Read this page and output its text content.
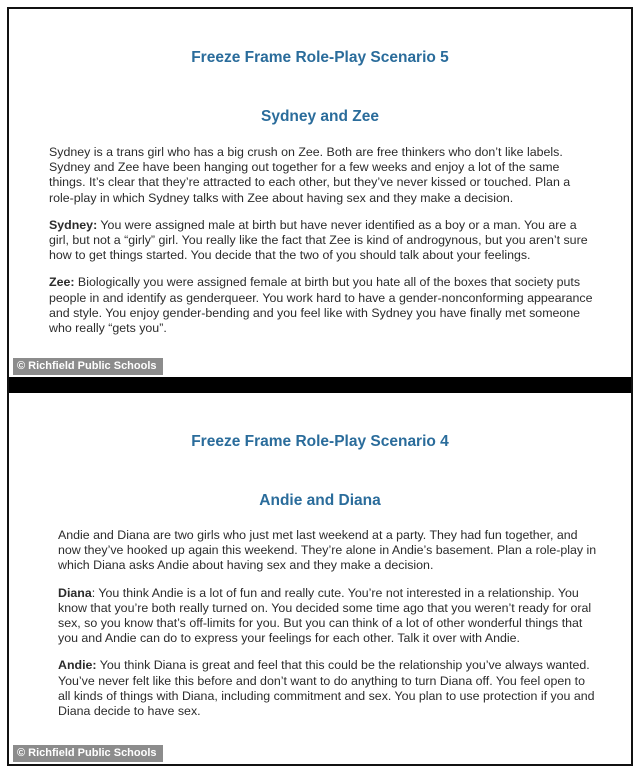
Freeze Frame Role-Play Scenario 5
Sydney and Zee

Sydney is a trans girl who has a big crush on Zee. Both are free thinkers who don’t like labels. Sydney and Zee have been hanging out together for a few weeks and enjoy a lot of the same things. It’s clear that they’re attracted to each other, but they’ve never kissed or touched. Plan a role-play in which Sydney talks with Zee about having sex and they make a decision.

Sydney: You were assigned male at birth but have never identified as a boy or a man. You are a girl, but not a “girly” girl. You really like the fact that Zee is kind of androgynous, but you aren’t sure how to get things started. You decide that the two of you should talk about your feelings.

Zee: Biologically you were assigned female at birth but you hate all of the boxes that society puts people in and identify as genderqueer. You work hard to have a gender-nonconforming appearance and style. You enjoy gender-bending and you feel like with Sydney you have finally met someone who really “gets you”.

© Richfield Public Schools
Freeze Frame Role-Play Scenario 4
Andie and Diana

Andie and Diana are two girls who just met last weekend at a party. They had fun together, and now they’ve hooked up again this weekend. They’re alone in Andie’s basement. Plan a role-play in which Diana asks Andie about having sex and they make a decision.

Diana: You think Andie is a lot of fun and really cute. You’re not interested in a relationship. You know that you’re both really turned on. You decided some time ago that you weren’t ready for oral sex, so you know that’s off-limits for you. But you can think of a lot of other wonderful things that you and Andie can do to express your feelings for each other. Talk it over with Andie.

Andie: You think Diana is great and feel that this could be the relationship you’ve always wanted. You’ve never felt like this before and don’t want to do anything to turn Diana off. You feel open to all kinds of things with Diana, including commitment and sex. You plan to use protection if you and Diana decide to have sex.

© Richfield Public Schools
